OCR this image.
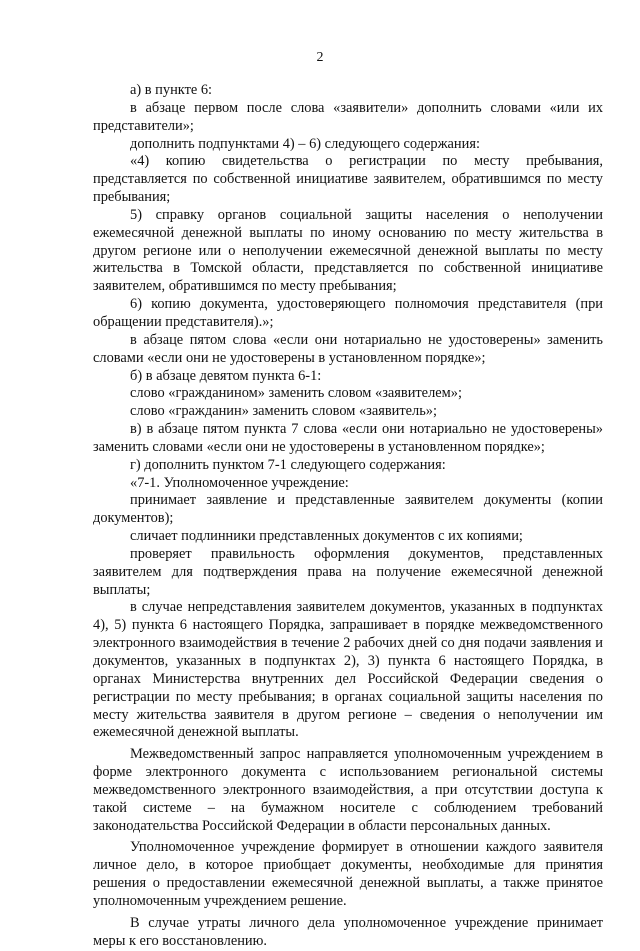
2

а) в пункте 6:

в абзаце первом после слова «заявители» дополнить словами «или их представители»;

дополнить подпунктами 4) – 6) следующего содержания:

«4) копию свидетельства о регистрации по месту пребывания, представляется по собственной инициативе заявителем, обратившимся по месту пребывания;

5) справку органов социальной защиты населения о неполучении ежемесячной денежной выплаты по иному основанию по месту жительства в другом регионе или о неполучении ежемесячной денежной выплаты по месту жительства в Томской области, представляется по собственной инициативе заявителем, обратившимся по месту пребывания;

6) копию документа, удостоверяющего полномочия представителя (при обращении представителя).»;

в абзаце пятом слова «если они нотариально не удостоверены» заменить словами «если они не удостоверены в установленном порядке»;

б) в абзаце девятом пункта 6-1:

слово «гражданином» заменить словом «заявителем»;

слово «гражданин» заменить словом «заявитель»;

в) в абзаце пятом пункта 7 слова «если они нотариально не удостоверены» заменить словами «если они не удостоверены в установленном порядке»;

г) дополнить пунктом 7-1 следующего содержания:

«7-1. Уполномоченное учреждение:

принимает заявление и представленные заявителем документы (копии документов);

сличает подлинники представленных документов с их копиями;

проверяет правильность оформления документов, представленных заявителем для подтверждения права на получение ежемесячной денежной выплаты;

в случае непредставления заявителем документов, указанных в подпунктах 4), 5) пункта 6 настоящего Порядка, запрашивает в порядке межведомственного электронного взаимодействия в течение 2 рабочих дней со дня подачи заявления и документов, указанных в подпунктах 2), 3) пункта 6 настоящего Порядка, в органах Министерства внутренних дел Российской Федерации сведения о регистрации по месту пребывания; в органах социальной защиты населения по месту жительства заявителя в другом регионе – сведения о неполучении им ежемесячной денежной выплаты.

Межведомственный запрос направляется уполномоченным учреждением в форме электронного документа с использованием региональной системы межведомственного электронного взаимодействия, а при отсутствии доступа к такой системе – на бумажном носителе с соблюдением требований законодательства Российской Федерации в области персональных данных.

Уполномоченное учреждение формирует в отношении каждого заявителя личное дело, в которое приобщает документы, необходимые для принятия решения о предоставлении ежемесячной денежной выплаты, а также принятое уполномоченным учреждением решение.

В случае утраты личного дела уполномоченное учреждение принимает меры к его восстановлению.
